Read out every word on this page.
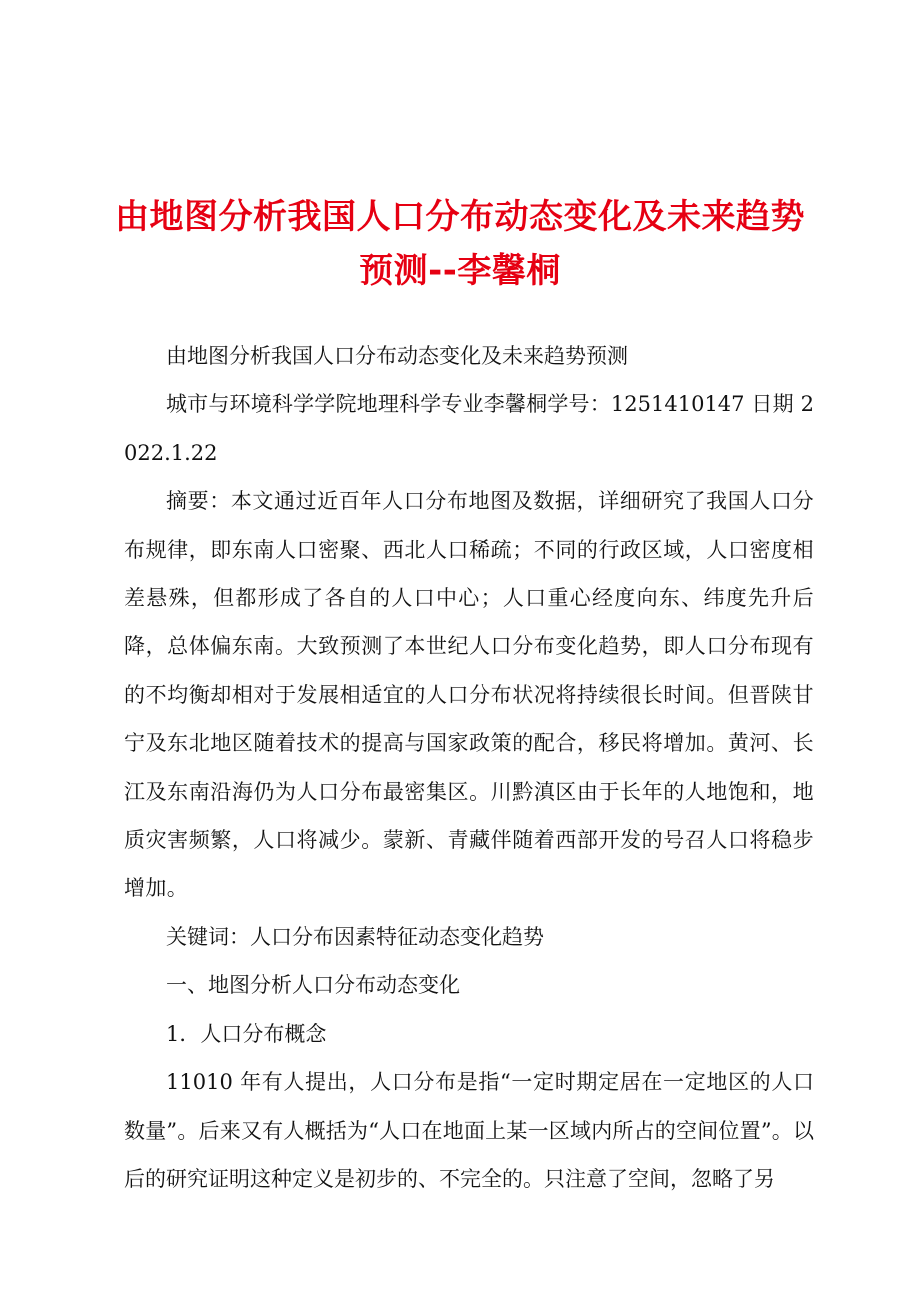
由地图分析我国人口分布动态变化及未来趋势预测--李馨桐

由地图分析我国人口分布动态变化及未来趋势预测

城市与环境科学学院地理科学专业李馨桐学号：1251410147 日期 2022.1.22

摘要：本文通过近百年人口分布地图及数据，详细研究了我国人口分布规律，即东南人口密聚、西北人口稀疏；不同的行政区域，人口密度相差悬殊，但都形成了各自的人口中心；人口重心经度向东、纬度先升后降，总体偏东南。大致预测了本世纪人口分布变化趋势，即人口分布现有的不均衡却相对于发展相适宜的人口分布状况将持续很长时间。但晋陕甘宁及东北地区随着技术的提高与国家政策的配合，移民将增加。黄河、长江及东南沿海仍为人口分布最密集区。川黔滇区由于长年的人地饱和，地质灾害频繁，人口将减少。蒙新、青藏伴随着西部开发的号召人口将稳步增加。

关键词：人口分布因素特征动态变化趋势

一、地图分析人口分布动态变化

1．人口分布概念

11010 年有人提出，人口分布是指“一定时期定居在一定地区的人口数量”。后来又有人概括为“人口在地面上某一区域内所占的空间位置”。以后的研究证明这种定义是初步的、不完全的。只注意了空间，忽略了另
